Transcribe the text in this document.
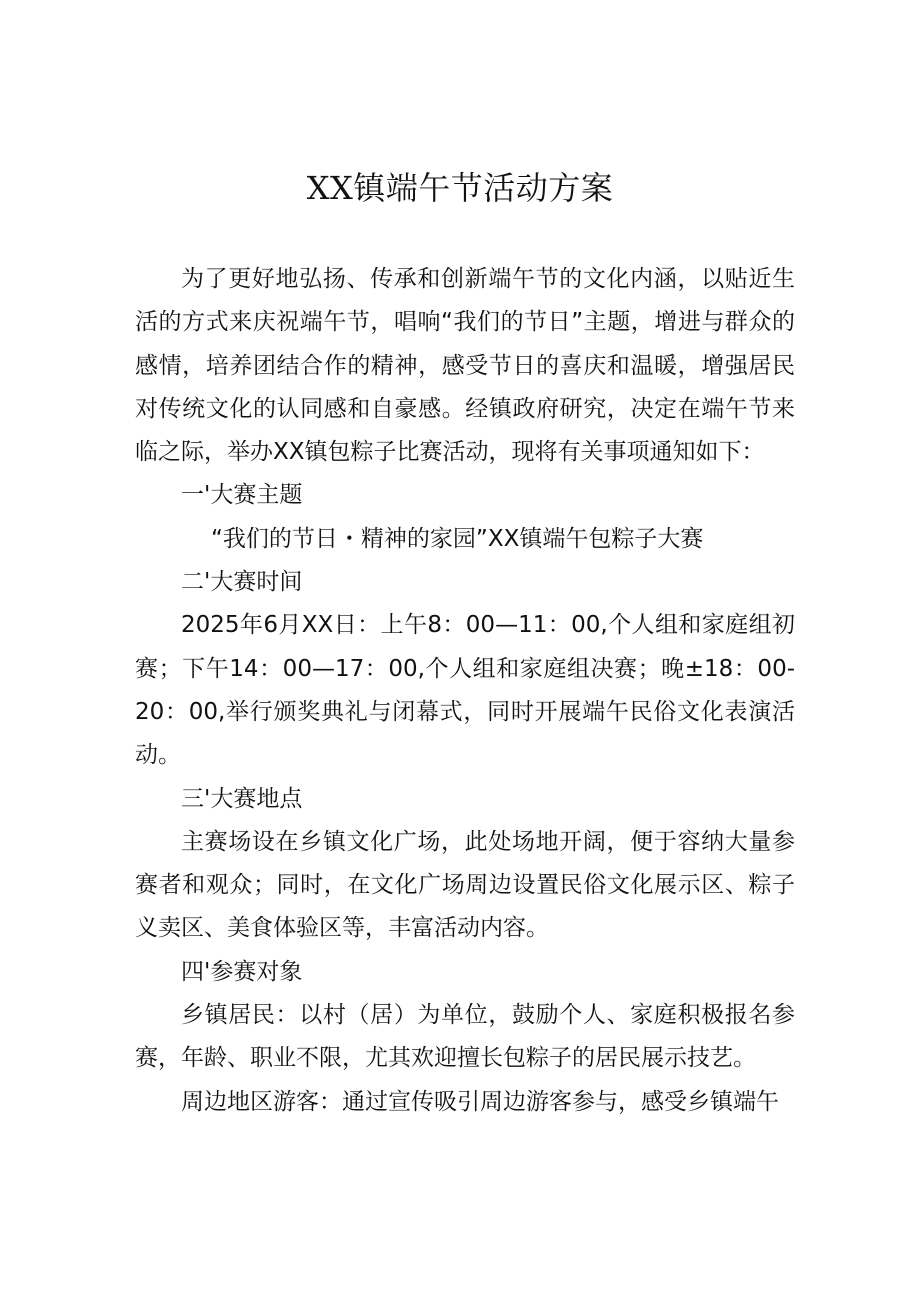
XX镇端午节活动方案

为了更好地弘扬、传承和创新端午节的文化内涵，以贴近生活的方式来庆祝端午节，唱响“我们的节日”主题，增进与群众的感情，培养团结合作的精神，感受节日的喜庆和温暖，增强居民对传统文化的认同感和自豪感。经镇政府研究，决定在端午节来临之际，举办XX镇包粽子比赛活动，现将有关事项通知如下：

一'大赛主题

“我们的节日・精神的家园”XX镇端午包粽子大赛

二'大赛时间

2025年6月XX日：上午8：00—11：00,个人组和家庭组初赛；下午14：00—17：00,个人组和家庭组决赛；晚±18：00-20：00,举行颁奖典礼与闭幕式，同时开展端午民俗文化表演活动。

三'大赛地点

主赛场设在乡镇文化广场，此处场地开阔，便于容纳大量参赛者和观众；同时，在文化广场周边设置民俗文化展示区、粽子义卖区、美食体验区等，丰富活动内容。

四'参赛对象

乡镇居民：以村（居）为单位，鼓励个人、家庭积极报名参赛，年龄、职业不限，尤其欢迎擅长包粽子的居民展示技艺。

周边地区游客：通过宣传吸引周边游客参与，感受乡镇端午
